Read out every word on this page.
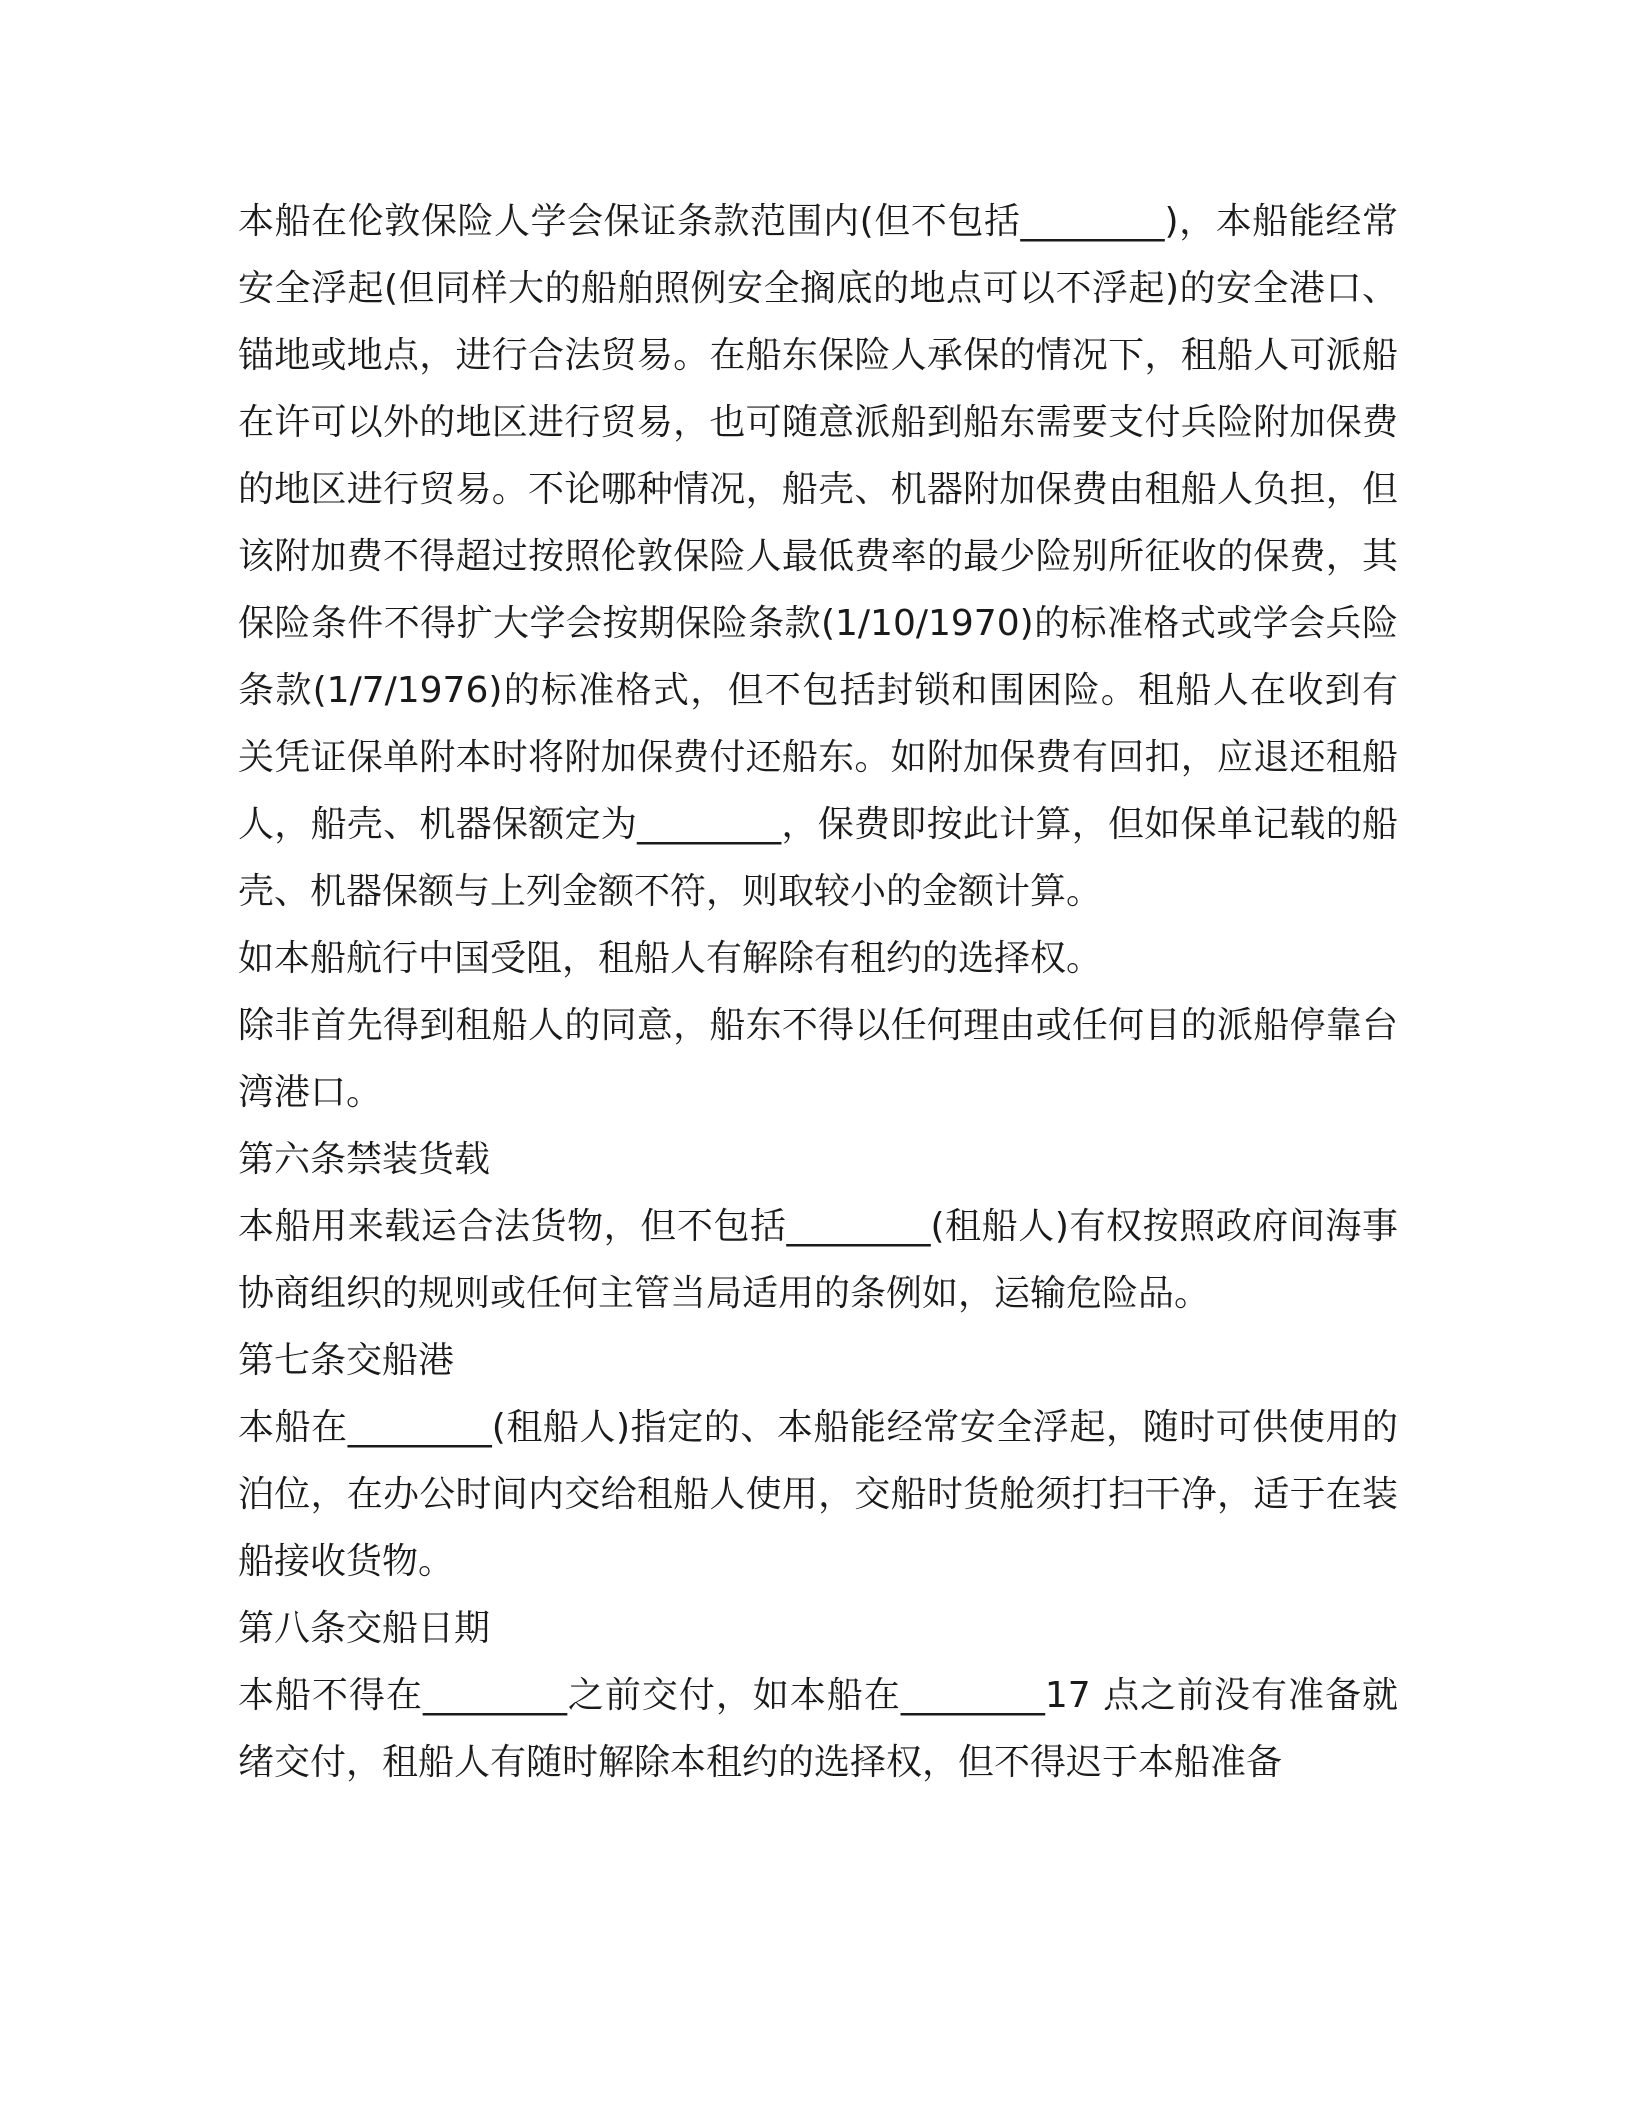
本船在伦敦保险人学会保证条款范围内(但不包括________)，本船能经常安全浮起(但同样大的船舶照例安全搁底的地点可以不浮起)的安全港口、锚地或地点，进行合法贸易。在船东保险人承保的情况下，租船人可派船在许可以外的地区进行贸易，也可随意派船到船东需要支付兵险附加保费的地区进行贸易。不论哪种情况，船壳、机器附加保费由租船人负担，但该附加费不得超过按照伦敦保险人最低费率的最少险别所征收的保费，其保险条件不得扩大学会按期保险条款(1/10/1970)的标准格式或学会兵险条款(1/7/1976)的标准格式，但不包括封锁和围困险。租船人在收到有关凭证保单附本时将附加保费付还船东。如附加保费有回扣，应退还租船人，船壳、机器保额定为________，保费即按此计算，但如保单记载的船壳、机器保额与上列金额不符，则取较小的金额计算。

如本船航行中国受阻，租船人有解除有租约的选择权。

除非首先得到租船人的同意，船东不得以任何理由或任何目的派船停靠台湾港口。

第六条禁装货载

本船用来载运合法货物，但不包括________(租船人)有权按照政府间海事协商组织的规则或任何主管当局适用的条例如，运输危险品。

第七条交船港

本船在________(租船人)指定的、本船能经常安全浮起，随时可供使用的泊位，在办公时间内交给租船人使用，交船时货舱须打扫干净，适于在装船接收货物。

第八条交船日期

本船不得在________之前交付，如本船在________17 点之前没有准备就绪交付，租船人有随时解除本租约的选择权，但不得迟于本船准备
